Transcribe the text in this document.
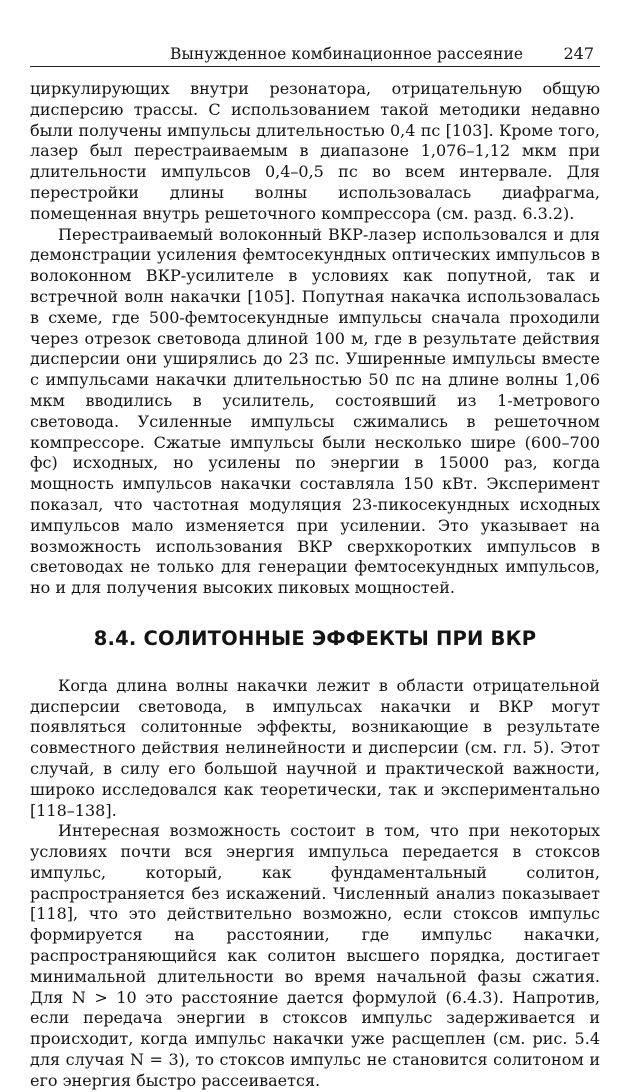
Вынужденное комбинационное рассеяние	247

циркулирующих внутри резонатора, отрицательную общую дисперсию трассы. С использованием такой методики недавно были получены импульсы длительностью 0,4 пс [103]. Кроме того, лазер был перестраиваемым в диапазоне 1,076–1,12 мкм при длительности импульсов 0,4–0,5 пс во всем интервале. Для перестройки длины волны использовалась диафрагма, помещенная внутрь решеточного компрессора (см. разд. 6.3.2).

Перестраиваемый волоконный ВКР-лазер использовался и для демонстрации усиления фемтосекундных оптических импульсов в волоконном ВКР-усилителе в условиях как попутной, так и встречной волн накачки [105]. Попутная накачка использовалась в схеме, где 500-фемтосекундные импульсы сначала проходили через отрезок световода длиной 100 м, где в результате действия дисперсии они уширялись до 23 пс. Уширенные импульсы вместе с импульсами накачки длительностью 50 пс на длине волны 1,06 мкм вводились в усилитель, состоявший из 1-метрового световода. Усиленные импульсы сжимались в решеточном компрессоре. Сжатые импульсы были несколько шире (600–700 фс) исходных, но усилены по энергии в 15000 раз, когда мощность импульсов накачки составляла 150 кВт. Эксперимент показал, что частотная модуляция 23-пикосекундных исходных импульсов мало изменяется при усилении. Это указывает на возможность использования ВКР сверхкоротких импульсов в световодах не только для генерации фемтосекундных импульсов, но и для получения высоких пиковых мощностей.

8.4. СОЛИТОННЫЕ ЭФФЕКТЫ ПРИ ВКР

Когда длина волны накачки лежит в области отрицательной дисперсии световода, в импульсах накачки и ВКР могут появляться солитонные эффекты, возникающие в результате совместного действия нелинейности и дисперсии (см. гл. 5). Этот случай, в силу его большой научной и практической важности, широко исследовался как теоретически, так и экспериментально [118–138].

Интересная возможность состоит в том, что при некоторых условиях почти вся энергия импульса передается в стоксов импульс, который, как фундаментальный солитон, распространяется без искажений. Численный анализ показывает [118], что это действительно возможно, если стоксов импульс формируется на расстоянии, где импульс накачки, распространяющийся как солитон высшего порядка, достигает минимальной длительности во время начальной фазы сжатия. Для N > 10 это расстояние дается формулой (6.4.3). Напротив, если передача энергии в стоксов импульс задерживается и происходит, когда импульс накачки уже расщеплен (см. рис. 5.4 для случая N = 3), то стоксов импульс не становится солитоном и его энергия быстро рассеивается.
